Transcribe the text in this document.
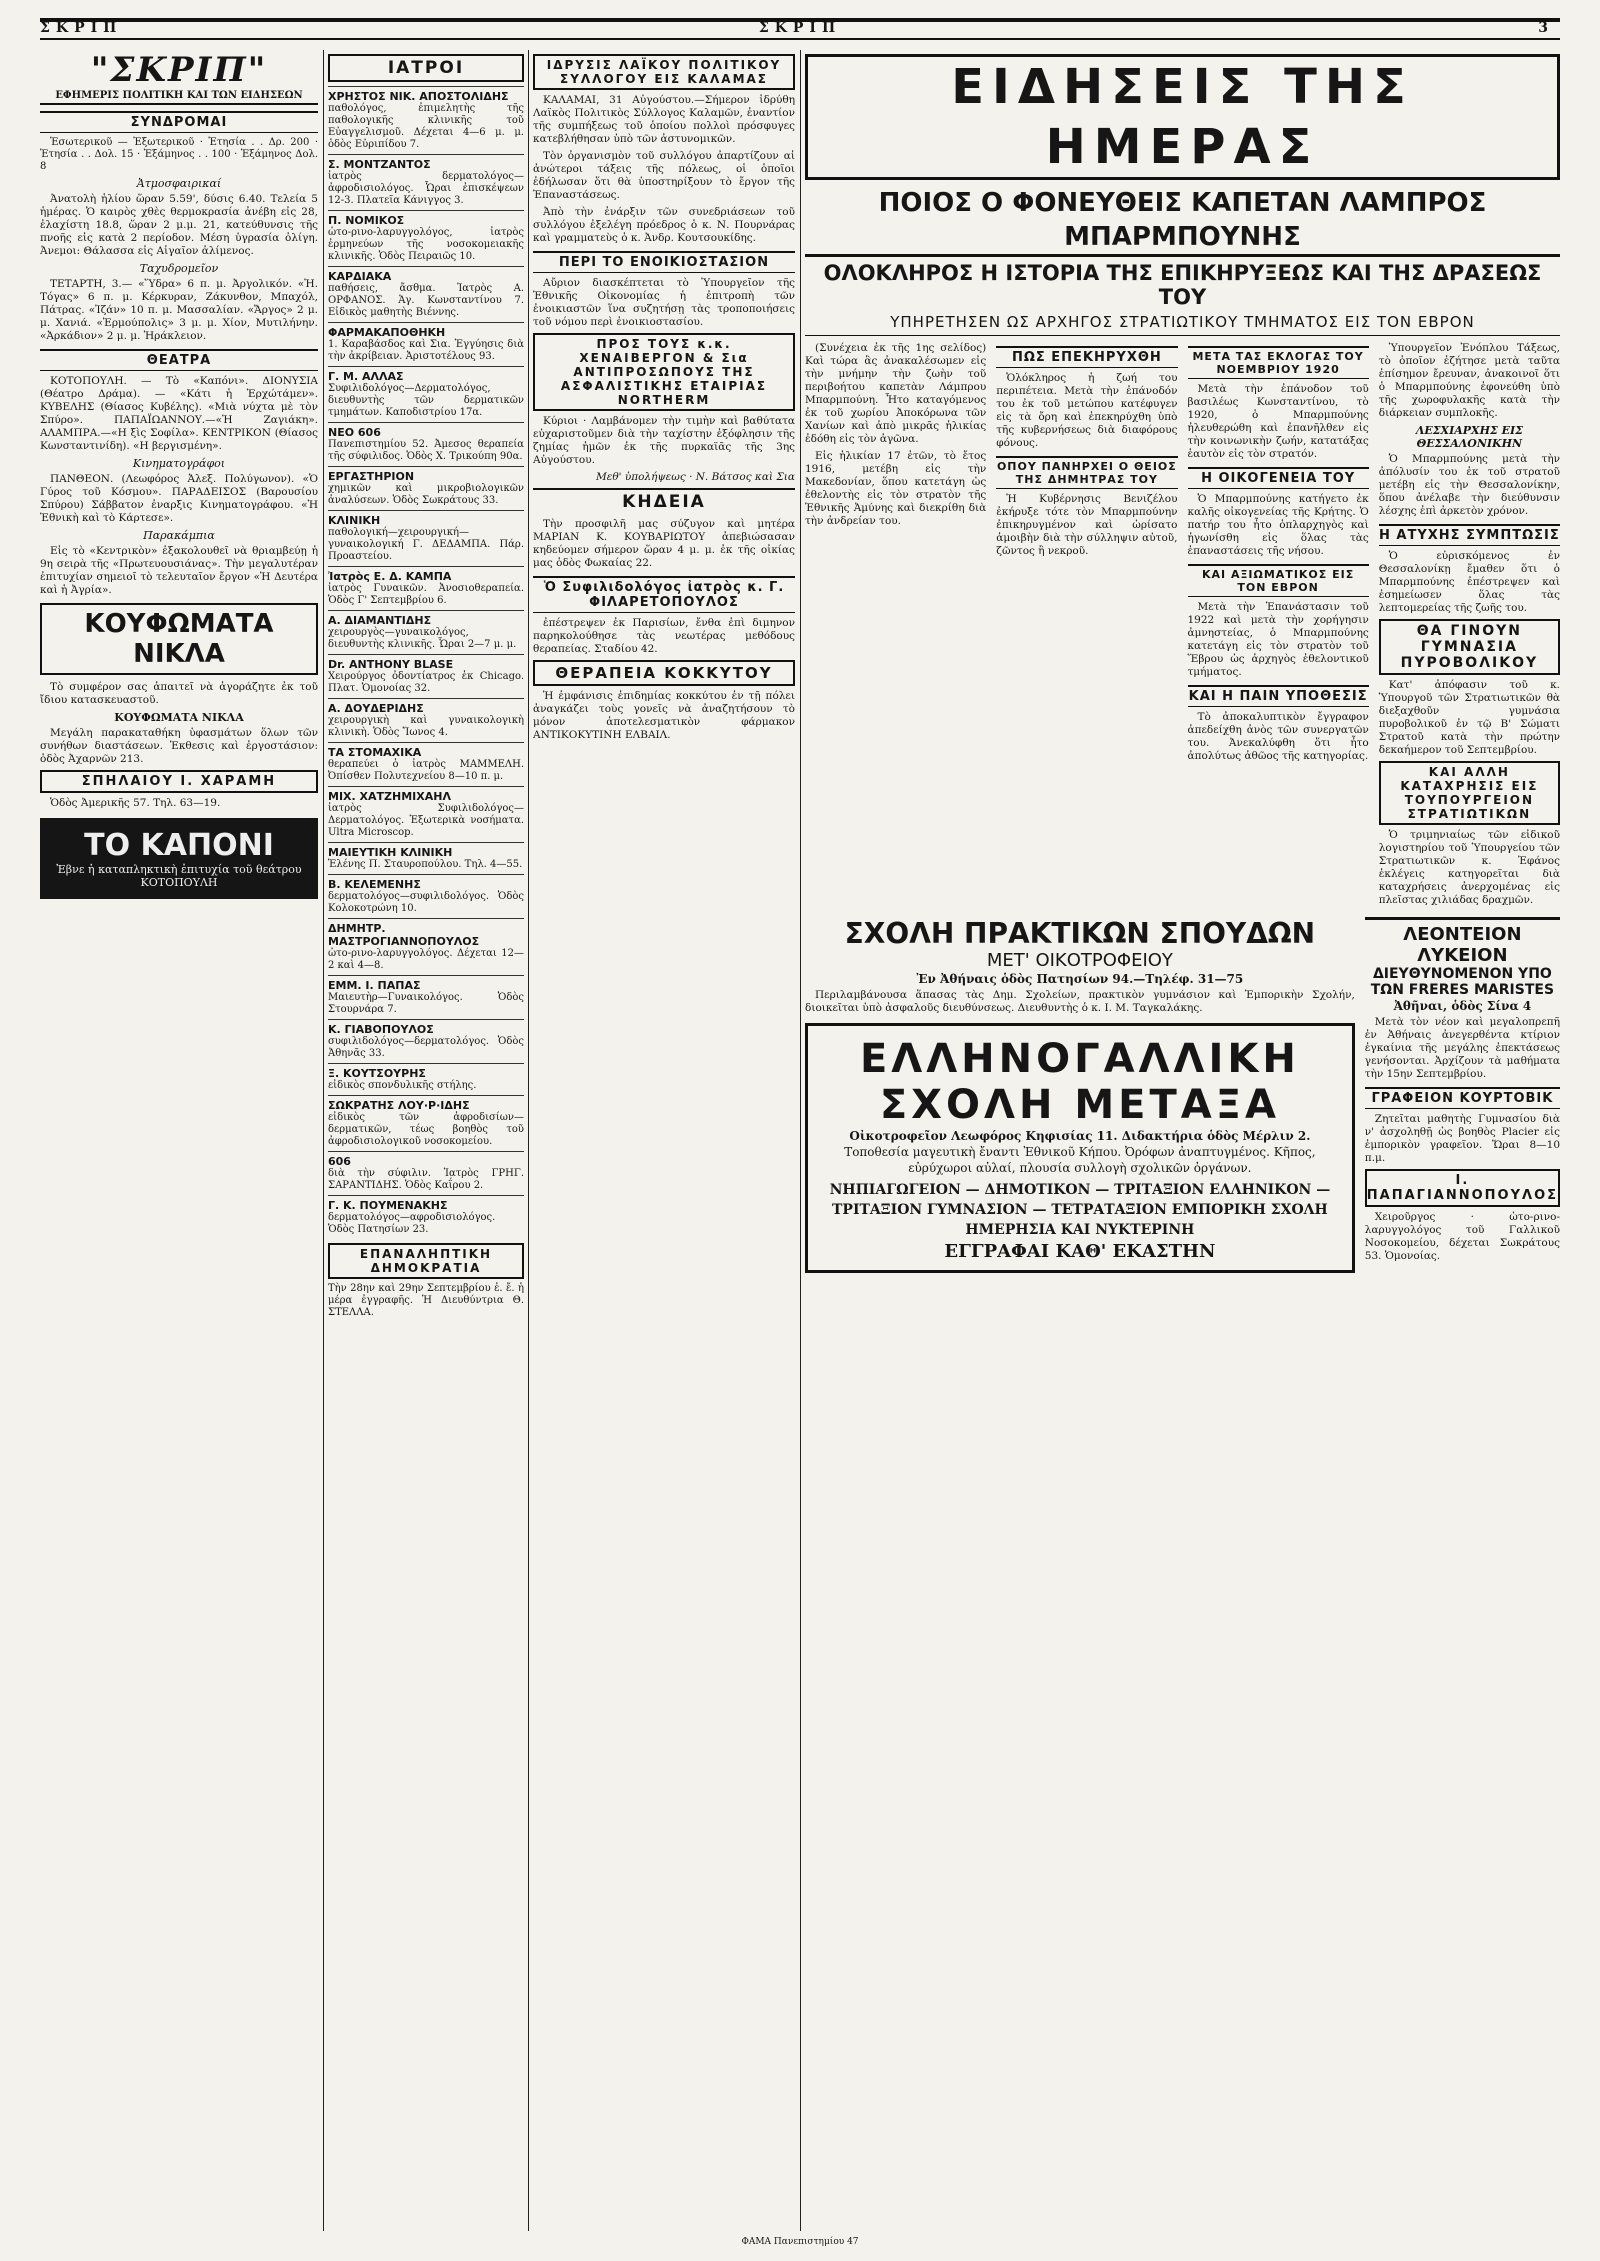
ΣΚΡΙΠ	ΣΚΡΙΠ	3
"ΣΚΡΙΠ"
ΕΦΗΜΕΡΙΣ ΠΟΛΙΤΙΚΗ ΚΑΙ ΤΩΝ ΕΙΔΗΣΕΩΝ
ΣΥΝΔΡΟΜΑΙ
Ἐσωτερικοῦ — Ἐξωτερικοῦ · Ἐτησία . . Δρ. 200 · Ἐτησία . . Δολ. 15 · Ἑξάμηνος . . 100 · Ἑξάμηνος Δολ. 8
Ἀτμοσφαιρικαί
Ἀνατολὴ ἡλίου ὥραν 5.59', δύσις 6.40. Τελεία 5 ἡμέρας. Ὁ καιρὸς χθὲς θερμοκρασία ἀνέβη εἰς 28, ἐλαχίστη 18.8, ὥραν 2 μ.μ. 21, κατεύθυνσις τῆς πνοῆς εἰς κατὰ 2 περίοδον. Μέση ὑγρασία ὀλίγη. Ἀνεμοι: Θάλασσα εἰς Αἰγαῖον ἀλίμενος.
Ταχυδρομεῖον
ΤΕΤΑΡΤΗ, 3.— «Ὕδρα» 6 π. μ. Ἀργολικόν. «Ἡ. Τόγας» 6 π. μ. Κέρκυραν, Ζάκυνθον, Μπαχόλ, Πάτρας. «Ἰζάν» 10 π. μ. Μασσαλίαν. «Ἄργος» 2 μ. μ. Χανιά. «Ἐρμούπολις» 3 μ. μ. Χίον, Μυτιλήνην. «Ἀρκάδιον» 2 μ. μ. Ἡράκλειον.
ΘΕΑΤΡΑ
ΚΟΤΟΠΟΥΛΗ. — Τὸ «Καπόνι». ΔΙΟΝΥΣΙΑ (Θέατρο Δράμα). — «Κάτι ἡ Ἑρχώτάμεν». ΚΥΒΕΛΗΣ (Θίασος Κυβέλης). «Μιὰ νύχτα μὲ τὸν Σπύρο». ΠΑΠΑΪΩΑΝΝΟΥ.—«Ἡ Ζαγιάκη». ΑΛΑΜΠΡΑ.—«Η ξὶς Σοφίλα». ΚΕΝΤΡΙΚΟΝ (Θίασος Κωνσταντινίδη). «Η βεργισμένη».
Κινηματογράφοι
ΠΑΝΘΕΟΝ. (Λεωφόρος Ἀλεξ. Πολύγωνον). «Ὁ Γύρος τοῦ Κόσμου». ΠΑΡΑΔΕΙΣΟΣ (Βαρουσίου Σπύρου) Σάββατον ἐναρξις Κινηματογράφου. «Ἡ Ἐθνικὴ καὶ τὸ Κάρτεσε».
Παρακάμπια
Εἰς τὸ «Κεντρικὸν» ἐξακολουθεῖ νὰ θριαμβεύῃ ἡ 9η σειρὰ τῆς «Πρωτευουσιάνας». Τὴν μεγαλυτέραν ἐπιτυχίαν σημειοῖ τὸ τελευταῖον ἔργον «Ἡ Δευτέρα καὶ ἡ Ἀγρία».
ΚΟΥΦΩΜΑΤΑ ΝΙΚΛΑ
Τὸ συμφέρον σας ἀπαιτεῖ νὰ ἀγοράζητε ἐκ τοῦ ἴδιου κατασκευαστοῦ.
ΚΟΥΦΩΜΑΤΑ ΝΙΚΛΑ
Μεγάλη παρακαταθήκη ὑφασμάτων ὅλων τῶν συνήθων διαστάσεων. Ἐκθεσις καὶ ἐργοστάσιον: ὁδὸς Ἀχαρνῶν 213.
ΣΠΗΛΑΙΟΥ Ι. ΧΑΡΑΜΗ
Ὁδὸς Ἀμερικῆς 57. Τηλ. 63—19.
ΤΟ ΚΑΠΟΝΙ
Ἐβνε ἡ καταπληκτικὴ ἐπιτυχία τοῦ θεάτρου ΚΟΤΟΠΟΥΛΗ
ΙΑΤΡΟΙ
ΧΡΗΣΤΟΣ ΝΙΚ. ΑΠΟΣΤΟΛΙΔΗΣ
παθολόγος, ἐπιμελητὴς τῆς παθολογικῆς κλινικῆς τοῦ Εὐαγγελισμοῦ. Δέχεται 4—6 μ. μ. ὁδὸς Εὐριπίδου 7.
Σ. ΜΟΝΤΖΑΝΤΟΣ
ἰατρὸς δερματολόγος—ἀφροδισιολόγος. Ὧραι ἐπισκέψεων 12-3. Πλατεῖα Κάνιγγος 3.
Π. ΝΟΜΙΚΟΣ
ὠτο-ρινο-λαρυγγολόγος, ἰατρὸς ἐρμηνεύων τῆς νοσοκομειακῆς κλινικῆς. Ὁδὸς Πειραιῶς 10.
ΚΑΡΔΙΑΚΑ
παθήσεις, ἄσθμα. Ἰατρὸς Α. ΟΡΦΑΝΟΣ. Ἁγ. Κωνσταντίνου 7. Εἰδικὸς μαθητὴς Βιέννης.
ΦΑΡΜΑΚΑΠΟΘΗΚΗ
1. Καραβάσδος καὶ Σια. Ἐγγύησις διὰ τὴν ἀκρίβειαν. Ἀριστοτέλους 93.
Γ. Μ. ΑΛΛΑΣ
Συφιλιδολόγος—Δερματολόγος, διευθυντὴς τῶν δερματικῶν τμημάτων. Καποδιστρίου 17α.
ΝΕΟ 606
Πανεπιστημίου 52. Ἀμεσος θεραπεία τῆς σύφιλιδος. Ὁδὸς Χ. Τρικούπη 90α.
ΕΡΓΑΣΤΗΡΙΟΝ
χημικῶν καὶ μικροβιολογικῶν ἀναλύσεων. Ὁδὸς Σωκράτους 33.
ΚΛΙΝΙΚΗ
παθολογική—χειρουργική—γυναικολογική Γ. ΔΕΔΑΜΠΑ. Πάρ. Προαστείου.
Ἰατρὸς Ε. Δ. ΚΑΜΠΑ
ἰατρὸς Γυναικῶν. Ἀνοσιοθεραπεία. Ὁδὸς Γ' Σεπτεμβρίου 6.
Α. ΔΙΑΜΑΝΤΙΔΗΣ
χειρουργὸς—γυναικολόγος, διευθυντὴς κλινικῆς. Ὧραι 2—7 μ. μ.
Dr. ANTHONY BLASE
Χειρούργος ὀδοντίατρος ἐκ Chicago. Πλατ. Ὁμονοίας 32.
Α. ΔΟΥΔΕΡΙΔΗΣ
χειρουργικὴ καὶ γυναικολογικὴ κλινικὴ. Ὁδὸς Ἴωνος 4.
ΤΑ ΣΤΟΜΑΧΙΚΑ
θεραπεύει ὁ ἰατρὸς ΜΑΜΜΕΛΗ. Ὀπίσθεν Πολυτεχνείου 8—10 π. μ.
ΜΙΧ. ΧΑΤΖΗΜΙΧΑΗΛ
ἰατρὸς Συφιλιδολόγος—Δερματολόγος. Ἐξωτερικὰ νοσήματα. Ultra Microscop.
ΜΑΙΕΥΤΙΚΗ ΚΛΙΝΙΚΗ
Ἑλένης Π. Σταυροπούλου. Τηλ. 4—55.
Β. ΚΕΛΕΜΕΝΗΣ
δερματολόγος—συφιλιδολόγος. Ὁδὸς Κολοκοτρώνη 10.
ΔΗΜΗΤΡ. ΜΑΣΤΡΟΓΙΑΝΝΟΠΟΥΛΟΣ
ὠτο-ρινο-λαρυγγολόγος. Δέχεται 12—2 καὶ 4—8.
ΕΜΜ. Ι. ΠΑΠΑΣ
Μαιευτὴρ—Γυναικολόγος. Ὁδὸς Στουρνάρα 7.
Κ. ΓΙΑΒΟΠΟΥΛΟΣ
συφιλιδολόγος—δερματολόγος. Ὁδὸς Ἀθηνᾶς 33.
Ξ. ΚΟΥΤΣΟΥΡΗΣ
εἰδικὸς σπονδυλικῆς στήλης.
ΣΩΚΡΑΤΗΣ ΛΟΥ·Ρ·ΙΔΗΣ
εἰδικὸς τῶν ἀφροδισίων—δερματικῶν, τέως βοηθὸς τοῦ ἀφροδισιολογικοῦ νοσοκομείου.
606
διὰ τὴν σύφιλιν. Ἰατρὸς ΓΡΗΓ. ΣΑΡΑΝΤΙΔΗΣ. Ὁδὸς Καΐρου 2.
Γ. Κ. ΠΟΥΜΕΝΑΚΗΣ
δερματολόγος—αφροδισιολόγος. Ὁδὸς Πατησίων 23.
ΕΠΑΝΑΛΗΠΤΙΚΗ ΔΗΜΟΚΡΑΤΙΑ
Τὴν 28ην καὶ 29ην Σεπτεμβρίου ἐ. ἔ. ἡ μέρα ἐγγραφῆς. Ἡ Διευθύντρια Θ. ΣΤΕΛΛΑ.
ΙΔΡΥΣΙΣ ΛΑΪΚΟΥ ΠΟΛΙΤΙΚΟΥ ΣΥΛΛΟΓΟΥ ΕΙΣ ΚΑΛΑΜΑΣ
ΚΑΛΑΜΑΙ, 31 Αὐγούστου.—Σήμερον ἱδρύθη Λαϊκὸς Πολιτικὸς Σύλλογος Καλαμῶν, ἐναντίον τῆς συμπήξεως τοῦ ὁποίου πολλοὶ πρόσφυγες κατεβλήθησαν ὑπὸ τῶν ἀστυνομικῶν.
Τὸν ὀργανισμὸν τοῦ συλλόγου ἀπαρτίζουν αἱ ἀνώτεροι τάξεις τῆς πόλεως, οἱ ὁποῖοι ἐδήλωσαν ὅτι θὰ ὑποστηρίξουν τὸ ἔργον τῆς Ἐπαναστάσεως.
Ἀπὸ τὴν ἐνάρξιν τῶν συνεδριάσεων τοῦ συλλόγου ἐξελέγη πρόεδρος ὁ κ. Ν. Πουρνάρας καὶ γραμματεὺς ὁ κ. Ἀνδρ. Κουτσουκίδης.
ΠΕΡΙ ΤΟ ΕΝΟΙΚΙΟΣΤΑΣΙΟΝ
Αὔριον διασκέπτεται τὸ Ὑπουργεῖον τῆς Ἐθνικῆς Οἰκονομίας ἡ ἐπιτροπὴ τῶν ἐνοικιαστῶν ἵνα συζητήσῃ τὰς τροποποιήσεις τοῦ νόμου περὶ ἐνοικιοστασίου.
ΠΡΟΣ ΤΟΥΣ κ.κ. ΧΕΝΑΙΒΕΡΓΟΝ & Σια ΑΝΤΙΠΡΟΣΩΠΟΥΣ ΤΗΣ ΑΣΦΑΛΙΣΤΙΚΗΣ ΕΤΑΙΡΙΑΣ NORTHERM
Κύριοι · Λαμβάνομεν τὴν τιμὴν καὶ βαθύτατα εὐχαριστοῦμεν διὰ τὴν ταχίστην ἐξόφλησιν τῆς ζημίας ἡμῶν ἐκ τῆς πυρκαϊᾶς τῆς 3ης Αὐγούστου.
Μεθ' ὑπολήψεως · Ν. Βάτσος καὶ Σια
ΚΗΔΕΙΑ
Τὴν προσφιλῆ μας σύζυγον καὶ μητέρα ΜΑΡΙΑΝ Κ. ΚΟΥΒΑΡΙΩΤΟΥ ἀπεβιώσασαν κηδεύομεν σήμερον ὥραν 4 μ. μ. ἐκ τῆς οἰκίας μας ὁδὸς Φωκαίας 22.
Ὁ Συφιλιδολόγος ἰατρὸς κ. Γ. ΦΙΛΑΡΕΤΟΠΟΥΛΟΣ
ἐπέστρεψεν ἐκ Παρισίων, ἔνθα ἐπὶ διμηνον παρηκολούθησε τὰς νεωτέρας μεθόδους θεραπείας. Σταδίου 42.
ΘΕΡΑΠΕΙΑ ΚΟΚΚΥΤΟΥ
Ἡ ἐμφάνισις ἐπιδημίας κοκκύτου ἐν τῇ πόλει ἀναγκάζει τοὺς γονεῖς νὰ ἀναζητήσουν τὸ μόνον ἀποτελεσματικὸν φάρμακον ΑΝΤΙΚΟΚΥΤΙΝΗ ΕΛΒΑΙΛ.
ΕΙΔΗΣΕΙΣ ΤΗΣ ΗΜΕΡΑΣ
ΠΟΙΟΣ Ο ΦΟΝΕΥΘΕΙΣ ΚΑΠΕΤΑΝ ΛΑΜΠΡΟΣ ΜΠΑΡΜΠΟΥΝΗΣ
ΟΛΟΚΛΗΡΟΣ Η ΙΣΤΟΡΙΑ ΤΗΣ ΕΠΙΚΗΡΥΞΕΩΣ ΚΑΙ ΤΗΣ ΔΡΑΣΕΩΣ ΤΟΥ
ΥΠΗΡΕΤΗΣΕΝ ΩΣ ΑΡΧΗΓΟΣ ΣΤΡΑΤΙΩΤΙΚΟΥ ΤΜΗΜΑΤΟΣ ΕΙΣ ΤΟΝ ΕΒΡΟΝ
(Συνέχεια ἐκ τῆς 1ης σελίδος) Καὶ τώρα ἂς ἀνακαλέσωμεν εἰς τὴν μνήμην τὴν ζωὴν τοῦ περιβοήτου καπετὰν Λάμπρου Μπαρμπούνη. Ἦτο καταγόμενος ἐκ τοῦ χωρίου Ἀποκόρωνα τῶν Χανίων καὶ ἀπὸ μικρᾶς ἡλικίας ἐδόθη εἰς τὸν ἀγῶνα.
Εἰς ἡλικίαν 17 ἐτῶν, τὸ ἔτος 1916, μετέβη εἰς τὴν Μακεδονίαν, ὅπου κατετάγη ὡς ἐθελοντὴς εἰς τὸν στρατὸν τῆς Ἐθνικῆς Ἀμύνης καὶ διεκρίθη διὰ τὴν ἀνδρείαν του.
ΠΩΣ ΕΠΕΚΗΡΥΧΘΗ
Ὁλόκληρος ἡ ζωή του περιπέτεια. Μετὰ τὴν ἐπάνοδόν του ἐκ τοῦ μετώπου κατέφυγεν εἰς τὰ ὄρη καὶ ἐπεκηρύχθη ὑπὸ τῆς κυβερνήσεως διὰ διαφόρους φόνους.
ΟΠΟΥ ΠΑΝΗΡΧΕΙ Ο ΘΕΙΟΣ ΤΗΣ ΔΗΜΗΤΡΑΣ ΤΟΥ
Ἡ Κυβέρνησις Βενιζέλου ἐκήρυξε τότε τὸν Μπαρμπούνην ἐπικηρυγμένον καὶ ὡρίσατο ἀμοιβὴν διὰ τὴν σύλληψιν αὐτοῦ, ζῶντος ἢ νεκροῦ.
ΜΕΤΑ ΤΑΣ ΕΚΛΟΓΑΣ ΤΟΥ ΝΟΕΜΒΡΙΟΥ 1920
Μετὰ τὴν ἐπάνοδον τοῦ βασιλέως Κωνσταντίνου, τὸ 1920, ὁ Μπαρμπούνης ἠλευθερώθη καὶ ἐπανῆλθεν εἰς τὴν κοινωνικὴν ζωήν, κατατάξας ἑαυτὸν εἰς τὸν στρατόν.
Η ΟΙΚΟΓΕΝΕΙΑ ΤΟΥ
Ὁ Μπαρμπούνης κατήγετο ἐκ καλῆς οἰκογενείας τῆς Κρήτης. Ὁ πατήρ του ἦτο ὁπλαρχηγὸς καὶ ἠγωνίσθη εἰς ὅλας τὰς ἐπαναστάσεις τῆς νήσου.
ΚΑΙ ΑΞΙΩΜΑΤΙΚΟΣ ΕΙΣ ΤΟΝ ΕΒΡΟΝ
Μετὰ τὴν Ἐπανάστασιν τοῦ 1922 καὶ μετὰ τὴν χορήγησιν ἀμνηστείας, ὁ Μπαρμπούνης κατετάγη εἰς τὸν στρατὸν τοῦ Ἕβρου ὡς ἀρχηγὸς ἐθελοντικοῦ τμήματος.
ΚΑΙ Η ΠΑΙΝ ΥΠΟΘΕΣΙΣ
Τὸ ἀποκαλυπτικὸν ἔγγραφον ἀπεδείχθη ἀνὸς τῶν συνεργατῶν του. Ἀνεκαλύφθη ὅτι ἦτο ἀπολύτως ἀθῶος τῆς κατηγορίας.
Ὑπουργεῖον Ἐνόπλου Τάξεως, τὸ ὁποῖον ἐζήτησε μετὰ ταῦτα ἐπίσημον ἔρευναν, ἀνακοινοῖ ὅτι ὁ Μπαρμπούνης ἐφονεύθη ὑπὸ τῆς χωροφυλακῆς κατὰ τὴν διάρκειαν συμπλοκῆς.
ΛΕΣΧΙΑΡΧΗΣ ΕΙΣ ΘΕΣΣΑΛΟΝΙΚΗΝ
Ὁ Μπαρμπούνης μετὰ τὴν ἀπόλυσίν του ἐκ τοῦ στρατοῦ μετέβη εἰς τὴν Θεσσαλονίκην, ὅπου ἀνέλαβε τὴν διεύθυνσιν λέσχης ἐπὶ ἀρκετὸν χρόνον.
Η ΑΤΥΧΗΣ ΣΥΜΠΤΩΣΙΣ
Ὁ εὐρισκόμενος ἐν Θεσσαλονίκῃ ἔμαθεν ὅτι ὁ Μπαρμπούνης ἐπέστρεψεν καὶ ἐσημείωσεν ὅλας τὰς λεπτομερείας τῆς ζωῆς του.
ΘΑ ΓΙΝΟΥΝ ΓΥΜΝΑΣΙΑ ΠΥΡΟΒΟΛΙΚΟΥ
Κατ' ἀπόφασιν τοῦ κ. Ὑπουργοῦ τῶν Στρατιωτικῶν θὰ διεξαχθοῦν γυμνάσια πυροβολικοῦ ἐν τῷ Β' Σώματι Στρατοῦ κατὰ τὴν πρώτην δεκαήμερον τοῦ Σεπτεμβρίου.
ΚΑΙ ΑΛΛΗ ΚΑΤΑΧΡΗΣΙΣ ΕΙΣ ΤΟΥΠΟΥΡΓΕΙΟΝ ΣΤΡΑΤΙΩΤΙΚΩΝ
Ὁ τριμηνιαίως τῶν εἰδικοῦ λογιστηρίου τοῦ Ὑπουργείου τῶν Στρατιωτικῶν κ. Ἐφάνος ἐκλέγεις κατηγορεῖται διὰ καταχρήσεις ἀνερχομένας εἰς πλεῖστας χιλιάδας δραχμῶν.
ΣΧΟΛΗ ΠΡΑΚΤΙΚΩΝ ΣΠΟΥΔΩΝ
ΜΕΤ' ΟΙΚΟΤΡΟΦΕΙΟΥ
Ἐν Ἀθήναις ὁδὸς Πατησίων 94.—Τηλέφ. 31—75
Περιλαμβάνουσα ἅπασας τὰς Δημ. Σχολείων, πρακτικὸν γυμνάσιον καὶ Ἐμπορικὴν Σχολήν, διοικεῖται ὑπὸ ἀσφαλοῦς διευθύνσεως. Διευθυντὴς ὁ κ. Ι. Μ. Ταγκαλάκης.
ΕΛΛΗΝΟΓΑΛΛΙΚΗ ΣΧΟΛΗ ΜΕΤΑΞΑ
Οἰκοτροφεῖον Λεωφόρος Κηφισίας 11. Διδακτήρια ὁδὸς Μέρλιν 2.
Τοποθεσία μαγευτικὴ ἔναντι Ἐθνικοῦ Κήπου. Ὀρόφων ἀναπτυγμένος. Κῆπος, εὐρύχωροι αὐλαί, πλουσία συλλογὴ σχολικῶν ὀργάνων.
ΝΗΠΙΑΓΩΓΕΙΟΝ — ΔΗΜΟΤΙΚΟΝ — ΤΡΙΤΑΞΙΟΝ ΕΛΛΗΝΙΚΟΝ — ΤΡΙΤΑΞΙΟΝ ΓΥΜΝΑΣΙΟΝ — ΤΕΤΡΑΤΑΞΙΟΝ ΕΜΠΟΡΙΚΗ ΣΧΟΛΗ ΗΜΕΡΗΣΙΑ ΚΑΙ ΝΥΚΤΕΡΙΝΗ
ΕΓΓΡΑΦΑΙ ΚΑΘ' ΕΚΑΣΤΗΝ
ΛΕΟΝΤΕΙΟΝ ΛΥΚΕΙΟΝ
ΔΙΕΥΘΥΝΟΜΕΝΟΝ ΥΠΟ ΤΩΝ FRERES MARISTES
Ἀθῆναι, ὁδὸς Σίνα 4
Μετὰ τὸν νέον καὶ μεγαλοπρεπῆ ἐν Ἀθήναις ἀνεγερθέντα κτίριον ἐγκαίνια τῆς μεγάλης ἐπεκτάσεως γενήσονται. Ἀρχίζουν τὰ μαθήματα τὴν 15ην Σεπτεμβρίου.
ΓΡΑΦΕΙΟΝ ΚΟΥΡΤΟΒΙΚ
Ζητεῖται μαθητὴς Γυμνασίου διὰ ν' ἀσχοληθῇ ὡς βοηθὸς Placier εἰς ἐμπορικὸν γραφεῖον. Ὥραι 8—10 π.μ.
Ι. ΠΑΠΑΓΙΑΝΝΟΠΟΥΛΟΣ
Χειροῦργος · ὠτο-ρινο-λαρυγγολόγος τοῦ Γαλλικοῦ Νοσοκομείου, δέχεται Σωκράτους 53. Ὁμονοίας.
ΦΑΜΑ Πανεπιστημίου 47
